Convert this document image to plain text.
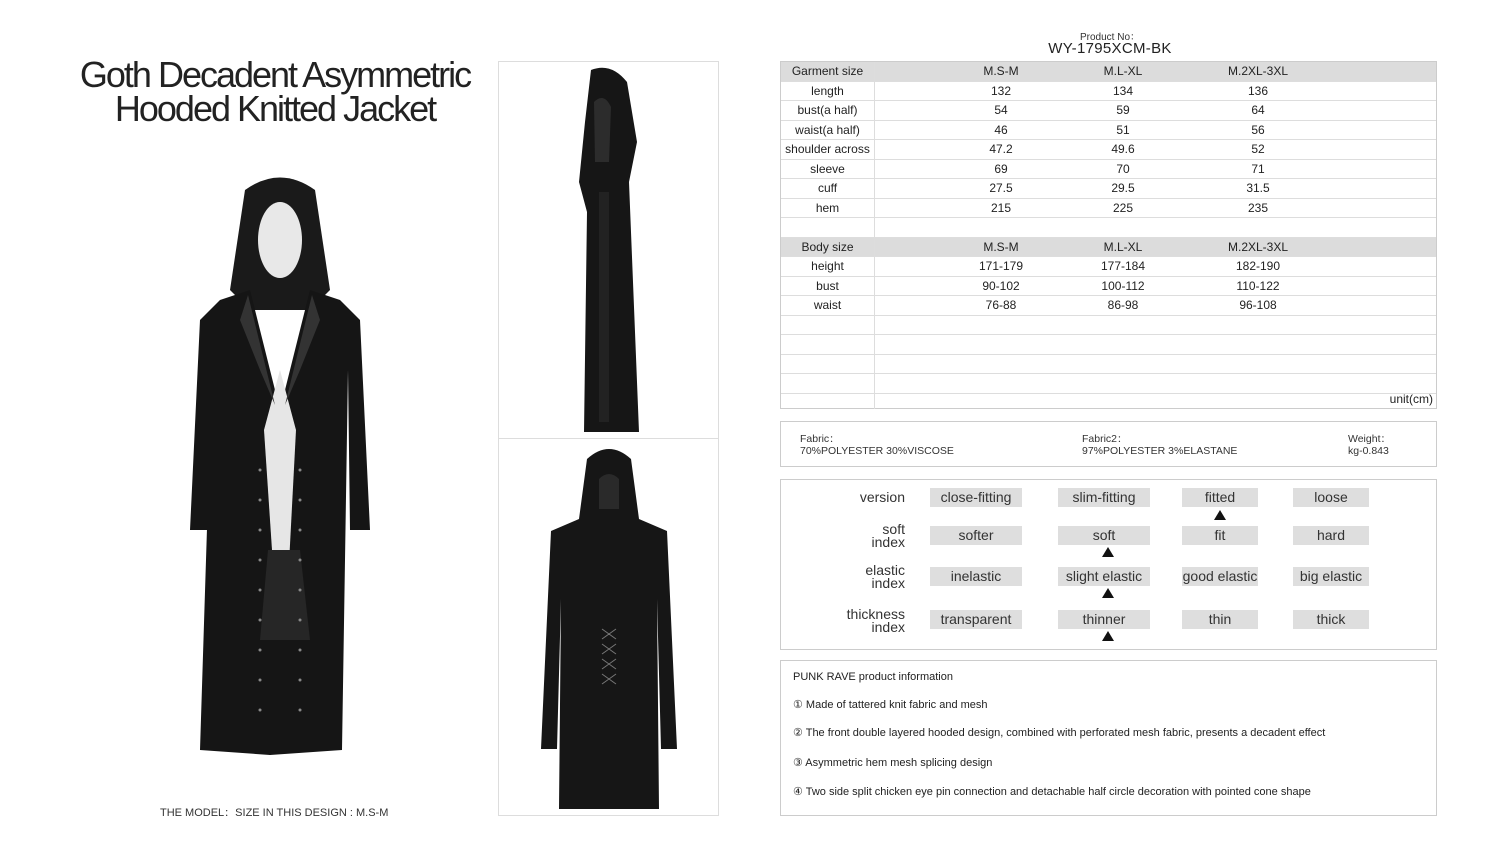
Goth Decadent Asymmetric
Hooded Knitted Jacket
THE MODEL：SIZE IN THIS DESIGN : M.S-M
Product No：
WY-1795XCM-BK
Garment size	M.S-M	M.L-XL	M.2XL-3XL
length	132	134	136
bust(a half)	54	59	64
waist(a half)	46	51	56
shoulder across	47.2	49.6	52
sleeve	69	70	71
cuff	27.5	29.5	31.5
hem	215	225	235
Body size	M.S-M	M.L-XL	M.2XL-3XL
height	171-179	177-184	182-190
bust	90-102	100-112	110-122
waist	76-88	86-98	96-108
unit(cm)
Fabric：
70%POLYESTER 30%VISCOSE
Fabric2：
97%POLYESTER 3%ELASTANE
Weight：
kg-0.843
version	close-fitting	slim-fitting	fitted	loose
soft
index	softer	soft	fit	hard
elastic
index	inelastic	slight elastic	good elastic	big elastic
thickness
index	transparent	thinner	thin	thick
PUNK RAVE product information
① Made of tattered knit fabric and mesh
② The front double layered hooded design, combined with perforated mesh fabric, presents a decadent effect
③ Asymmetric hem mesh splicing design
④ Two side split chicken eye pin connection and detachable half circle decoration with pointed cone shape
